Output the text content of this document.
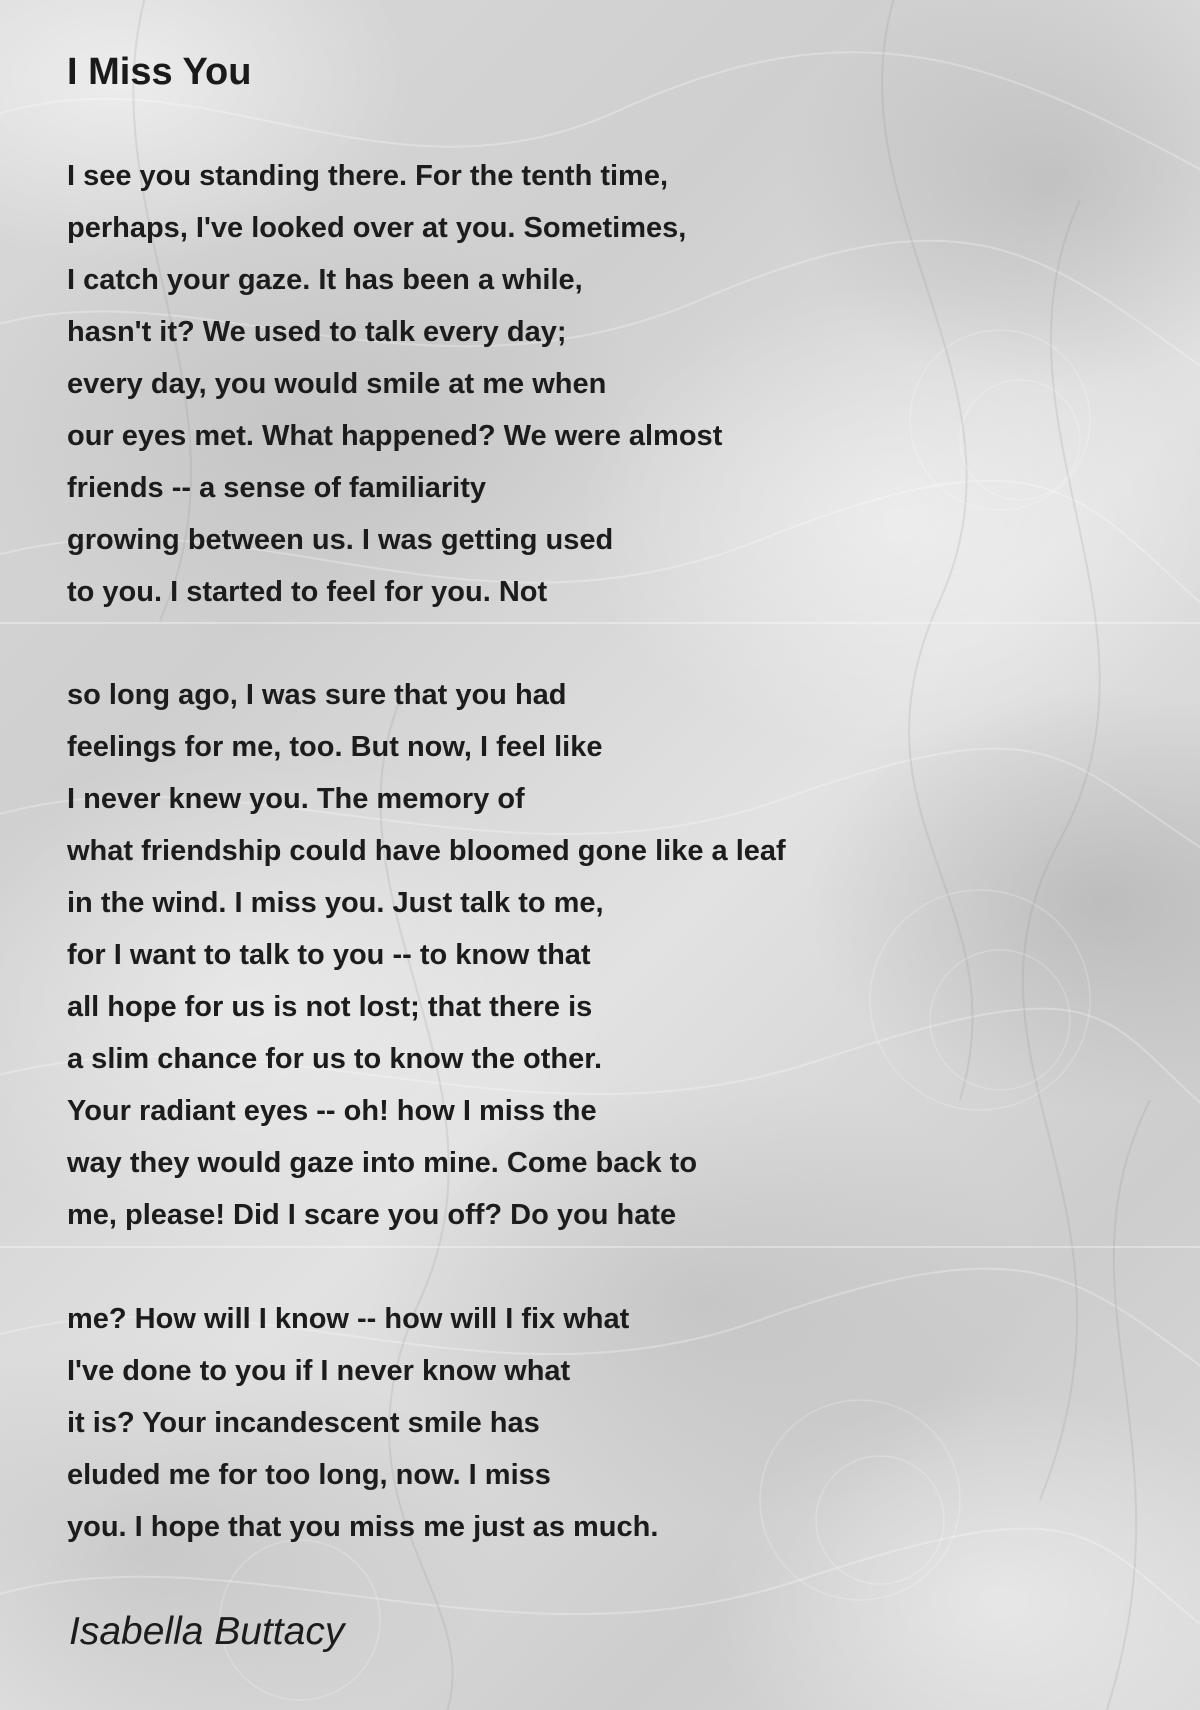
I Miss You
I see you standing there. For the tenth time,
perhaps, I've looked over at you. Sometimes,
I catch your gaze. It has been a while,
hasn't it? We used to talk every day;
every day, you would smile at me when
our eyes met. What happened? We were almost
friends -- a sense of familiarity
growing between us. I was getting used
to you. I started to feel for you. Not
so long ago, I was sure that you had
feelings for me, too. But now, I feel like
I never knew you. The memory of
what friendship could have bloomed gone like a leaf
in the wind. I miss you. Just talk to me,
for I want to talk to you -- to know that
all hope for us is not lost; that there is
a slim chance for us to know the other.
Your radiant eyes -- oh! how I miss the
way they would gaze into mine. Come back to
me, please! Did I scare you off? Do you hate
me? How will I know -- how will I fix what
I've done to you if I never know what
it is? Your incandescent smile has
eluded me for too long, now. I miss
you. I hope that you miss me just as much.

Isabella Buttacy
